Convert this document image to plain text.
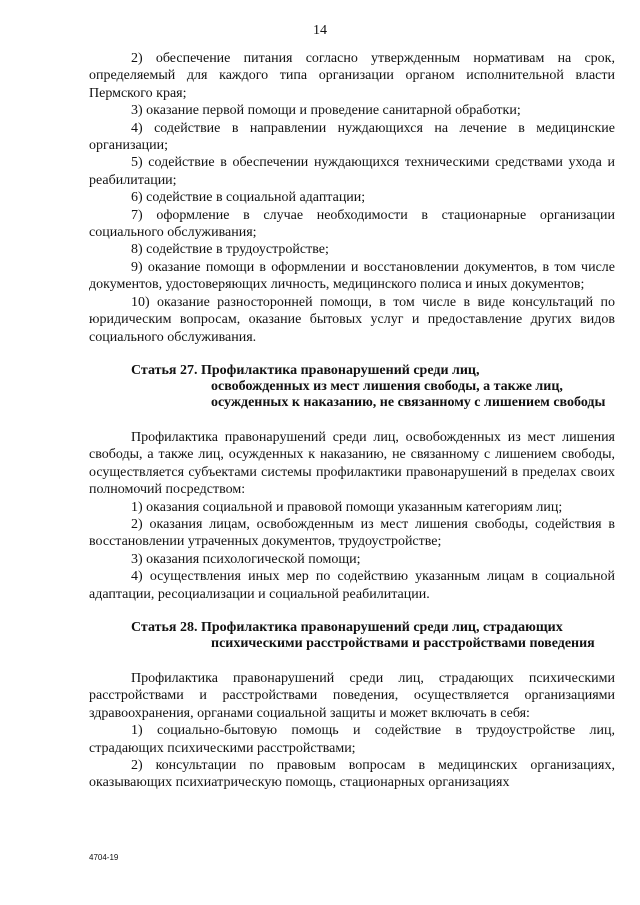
14

2) обеспечение питания согласно утвержденным нормативам на срок, определяемый для каждого типа организации органом исполнительной власти Пермского края;

3) оказание первой помощи и проведение санитарной обработки;

4) содействие в направлении нуждающихся на лечение в медицинские организации;

5) содействие в обеспечении нуждающихся техническими средствами ухода и реабилитации;

6) содействие в социальной адаптации;

7) оформление в случае необходимости в стационарные организации социального обслуживания;

8) содействие в трудоустройстве;

9) оказание помощи в оформлении и восстановлении документов, в том числе документов, удостоверяющих личность, медицинского полиса и иных документов;

10) оказание разносторонней помощи, в том числе в виде консультаций по юридическим вопросам, оказание бытовых услуг и предоставление других видов социального обслуживания.

Статья 27. Профилактика правонарушений среди лиц,
освобожденных из мест лишения свободы, а также лиц, осужденных к наказанию, не связанному с лишением свободы

Профилактика правонарушений среди лиц, освобожденных из мест лишения свободы, а также лиц, осужденных к наказанию, не связанному с лишением свободы, осуществляется субъектами системы профилактики правонарушений в пределах своих полномочий посредством:

1) оказания социальной и правовой помощи указанным категориям лиц;

2) оказания лицам, освобожденным из мест лишения свободы, содействия в восстановлении утраченных документов, трудоустройстве;

3) оказания психологической помощи;

4) осуществления иных мер по содействию указанным лицам в социальной адаптации, ресоциализации и социальной реабилитации.

Статья 28. Профилактика правонарушений среди лиц, страдающих
психическими расстройствами и расстройствами поведения

Профилактика правонарушений среди лиц, страдающих психическими расстройствами и расстройствами поведения, осуществляется организациями здравоохранения, органами социальной защиты и может включать в себя:

1) социально-бытовую помощь и содействие в трудоустройстве лиц, страдающих психическими расстройствами;

2) консультации по правовым вопросам в медицинских организациях, оказывающих психиатрическую помощь, стационарных организациях

4704-19
